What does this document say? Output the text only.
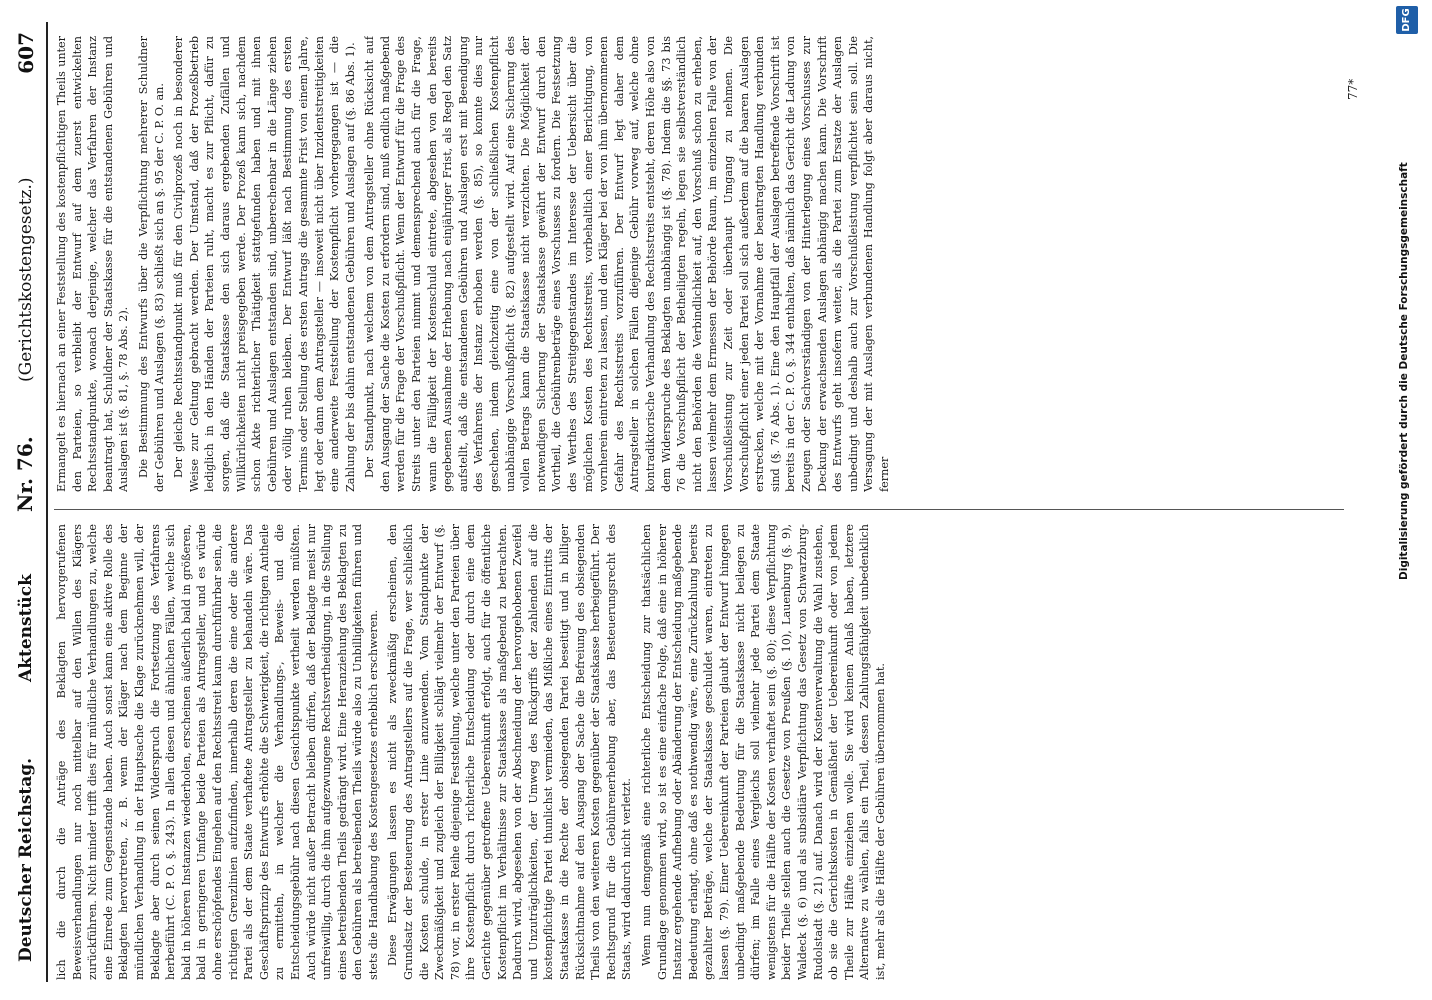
Deutscher Reichstag.
Aktenstück
Nr. 76.
(Gerichtskostengesetz.)
607

lich die durch die Anträge des Beklagten hervorgerufenen Beweisverhandlungen nur noch mittelbar auf den Willen des Klägers zurückführen. Nicht minder trifft dies für mündliche Verhandlungen zu, welche eine Einrede zum Gegenstande haben. Auch sonst kann eine aktive Rolle des Beklagten hervortreten, z. B. wenn der Kläger nach dem Beginne der mündlichen Verhandlung in der Hauptsache die Klage zurücknehmen will, der Beklagte aber durch seinen Widerspruch die Fortsetzung des Verfahrens herbeiführt (C. P. O. §. 243). In allen diesen und ähnlichen Fällen, welche sich bald in höheren Instanzen wiederholen, erscheinen äußerlich bald in größeren, bald in geringeren Umfange beide Parteien als Antragsteller, und es würde ohne erschöpfendes Eingehen auf den Rechtsstreit kaum durchführbar sein, die richtigen Grenzlinien aufzufinden, innerhalb deren die eine oder die andere Partei als der dem Staate verhaftete Antragsteller zu behandeln wäre. Das Geschäftsprinzip des Entwurfs erhöhte die Schwierigkeit, die richtigen Antheile zu ermitteln, in welcher die Verhandlungs-, Beweis- und die Entscheidungsgebühr nach diesen Gesichtspunkte vertheilt werden müßten. Auch würde nicht außer Betracht bleiben dürfen, daß der Beklagte meist nur unfreiwillig, durch die ihm aufgezwungene Rechtsvertheidigung, in die Stellung eines betreibenden Theils gedrängt wird. Eine Heranziehung des Beklagten zu den Gebühren als betreibenden Theils würde also zu Unbilligkeiten führen und stets die Handhabung des Kostengesetzes erheblich erschweren. Diese Erwägungen lassen es nicht als zweckmäßig erscheinen, den Grundsatz der Besteuerung des Antragstellers auf die Frage, wer schließlich die Kosten schulde, in erster Linie anzuwenden. Vom Standpunkte der Zweckmäßigkeit und zugleich der Billigkeit schlägt vielmehr der Entwurf (§. 78) vor, in erster Reihe diejenige Feststellung, welche unter den Parteien über ihre Kostenpflicht durch richterliche Entscheidung oder durch eine dem Gerichte gegenüber getroffene Uebereinkunft erfolgt, auch für die öffentliche Kostenpflicht im Verhältnisse zur Staatskasse als maßgebend zu betrachten. Dadurch wird, abgesehen von der Abschneidung der hervorgehobenen Zweifel und Unzuträglichkeiten, der Umweg des Rückgriffs der zahlenden auf die kostenpflichtige Partei thunlichst vermieden, das Mißliche eines Eintritts der Staatskasse in die Rechte der obsiegenden Partei beseitigt und in billiger Rücksichtnahme auf den Ausgang der Sache die Befreiung des obsiegenden Theils von den weiteren Kosten gegenüber der Staatskasse herbeigeführt. Der Rechtsgrund für die Gebührenerhebung aber, das Besteuerungsrecht des Staats, wird dadurch nicht verletzt. Wenn nun demgemäß eine richterliche Entscheidung zur thatsächlichen Grundlage genommen wird, so ist es eine einfache Folge, daß eine in höherer Instanz ergehende Aufhebung oder Abänderung der Entscheidung maßgebende Bedeutung erlangt, ohne daß es nothwendig wäre, eine Zurückzahlung bereits gezahlter Beträge, welche der Staatskasse geschuldet waren, eintreten zu lassen (§. 79). Einer Uebereinkunft der Parteien glaubt der Entwurf hingegen unbedingt maßgebende Bedeutung für die Staatskasse nicht beilegen zu dürfen; im Falle eines Vergleichs soll vielmehr jede Partei dem Staate wenigstens für die Hälfte der Kosten verhaftet sein (§. 80); diese Verpflichtung beider Theile stellen auch die Gesetze von Preußen (§. 10), Lauenburg (§. 9), Waldeck (§. 6) und als subsidiäre Verpflichtung das Gesetz von Schwarzburg-Rudolstadt (§. 21) auf. Danach wird der Kostenverwaltung die Wahl zustehen, ob sie die Gerichtskosten in Gemäßheit der Uebereinkunft oder von jedem Theile zur Hälfte einziehen wolle. Sie wird keinen Anlaß haben, letztere Alternative zu wählen, falls ein Theil, dessen Zahlungsfähigkeit unbedenklich ist, mehr als die Hälfte der Gebühren übernommen hat.

Ermangelt es hiernach an einer Feststellung des kostenpflichtigen Theils unter den Parteien, so verbleibt der Entwurf auf dem zuerst entwickelten Rechtsstandpunkte, wonach derjenige, welcher das Verfahren der Instanz beantragt hat, Schuldner der Staatskasse für die entstandenen Gebühren und Auslagen ist (§. 81, §. 78 Abs. 2). Die Bestimmung des Entwurfs über die Verpflichtung mehrerer Schuldner der Gebühren und Auslagen (§. 83) schließt sich an §. 95 der C. P. O. an. Der gleiche Rechtsstandpunkt muß für den Civilprozeß noch in besonderer Weise zur Geltung gebracht werden. Der Umstand, daß der Prozeßbetrieb lediglich in den Händen der Parteien ruht, macht es zur Pflicht, dafür zu sorgen, daß die Staatskasse den sich daraus ergebenden Zufällen und Willkürlichkeiten nicht preisgegeben werde. Der Prozeß kann sich, nachdem schon Akte richterlicher Thätigkeit stattgefunden haben und mit ihnen Gebühren und Auslagen entstanden sind, unberechenbar in die Länge ziehen oder völlig ruhen bleiben. Der Entwurf läßt nach Bestimmung des ersten Termins oder Stellung des ersten Antrags die gesammte Frist von einem Jahre, legt oder dann dem Antragsteller — insoweit nicht über Inzidentstreitigkeiten eine anderweite Feststellung der Kostenpflicht vorhergegangen ist — die Zahlung der bis dahin entstandenen Gebühren und Auslagen auf (§. 86 Abs. 1). Der Standpunkt, nach welchem von dem Antragsteller ohne Rücksicht auf den Ausgang der Sache die Kosten zu erfordern sind, muß endlich maßgebend werden für die Frage der Vorschußpflicht. Wenn der Entwurf für die Frage des Streits unter den Parteien nimmt und demensprechend auch für die Frage, wann die Fälligkeit der Kostenschuld eintrete, abgesehen von den bereits gegebenen Ausnahme der Erhebung nach einjähriger Frist, als Regel den Satz aufstellt, daß die entstandenen Gebühren und Auslagen erst mit Beendigung des Verfahrens der Instanz erhoben werden (§. 85), so konnte dies nur geschehen, indem gleichzeitig eine von der schließlichen Kostenpflicht unabhängige Vorschußpflicht (§. 82) aufgestellt wird. Auf eine Sicherung des vollen Betrags kann die Staatskasse nicht verzichten. Die Möglichkeit der notwendigen Sicherung der Staatskasse gewährt der Entwurf durch den Vortheil, die Gebührenbeträge eines Vorschusses zu fordern. Die Festsetzung des Werthes des Streitgegenstandes im Interesse der Uebersicht über die möglichen Kosten des Rechtsstreits, vorbehaltlich einer Berichtigung, von vornherein eintreten zu lassen, und den Kläger bei der von ihm übernommenen Gefahr des Rechtsstreits vorzuführen. Der Entwurf legt daher dem Antragsteller in solchen Fällen diejenige Gebühr vorweg auf, welche ohne kontradiktorische Verhandlung des Rechtsstreits entsteht, deren Höhe also von dem Widerspruche des Beklagten unabhängig ist (§. 78). Indem die §§. 73 bis 76 die Vorschußpflicht der Betheiligten regeln, legen sie selbstverständlich nicht den Behörden die Verbindlichkeit auf, den Vorschuß schon zu erheben, lassen vielmehr dem Ermessen der Behörde Raum, im einzelnen Falle von der Vorschußleistung zur Zeit oder überhaupt Umgang zu nehmen. Die Vorschußpflicht einer jeden Partei soll sich außerdem auf die baaren Auslagen erstrecken, welche mit der Vornahme der beantragten Handlung verbunden sind (§. 76 Abs. 1). Eine den Hauptfall der Auslagen betreffende Vorschrift ist bereits in der C. P. O. §. 344 enthalten, daß nämlich das Gericht die Ladung von Zeugen oder Sachverständigen von der Hinterlegung eines Vorschusses zur Deckung der erwachsenden Auslagen abhängig machen kann. Die Vorschrift des Entwurfs geht insofern weiter, als die Partei zum Ersatze der Auslagen unbedingt und deshalb auch zur Vorschußleistung verpflichtet sein soll. Die Versagung der mit Auslagen verbundenen Handlung folgt aber daraus nicht, ferner

77*
Digitalisierung gefördert durch die Deutsche Forschungsgemeinschaft
DFG
